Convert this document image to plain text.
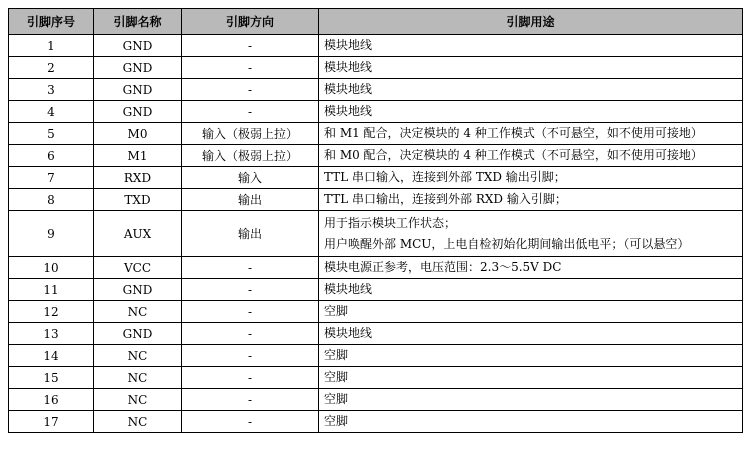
引脚序号	引脚名称	引脚方向	引脚用途
1	GND	-	模块地线

2	GND	-	模块地线

3	GND	-	模块地线

4	GND	-	模块地线

5	M0	输入（极弱上拉）	和 M1 配合，决定模块的 4 种工作模式（不可悬空，如不使用可接地）

6	M1	输入（极弱上拉）	和 M0 配合，决定模块的 4 种工作模式（不可悬空，如不使用可接地）

7	RXD	输入	TTL 串口输入，连接到外部 TXD 输出引脚；

8	TXD	输出	TTL 串口输出，连接到外部 RXD 输入引脚；

9	AUX	输出	用于指示模块工作状态；
用户唤醒外部 MCU，上电自检初始化期间输出低电平；（可以悬空）

10	VCC	-	模块电源正参考，电压范围：2.3～5.5V DC

11	GND	-	模块地线

12	NC	-	空脚

13	GND	-	模块地线

14	NC	-	空脚

15	NC	-	空脚

16	NC	-	空脚

17	NC	-	空脚
